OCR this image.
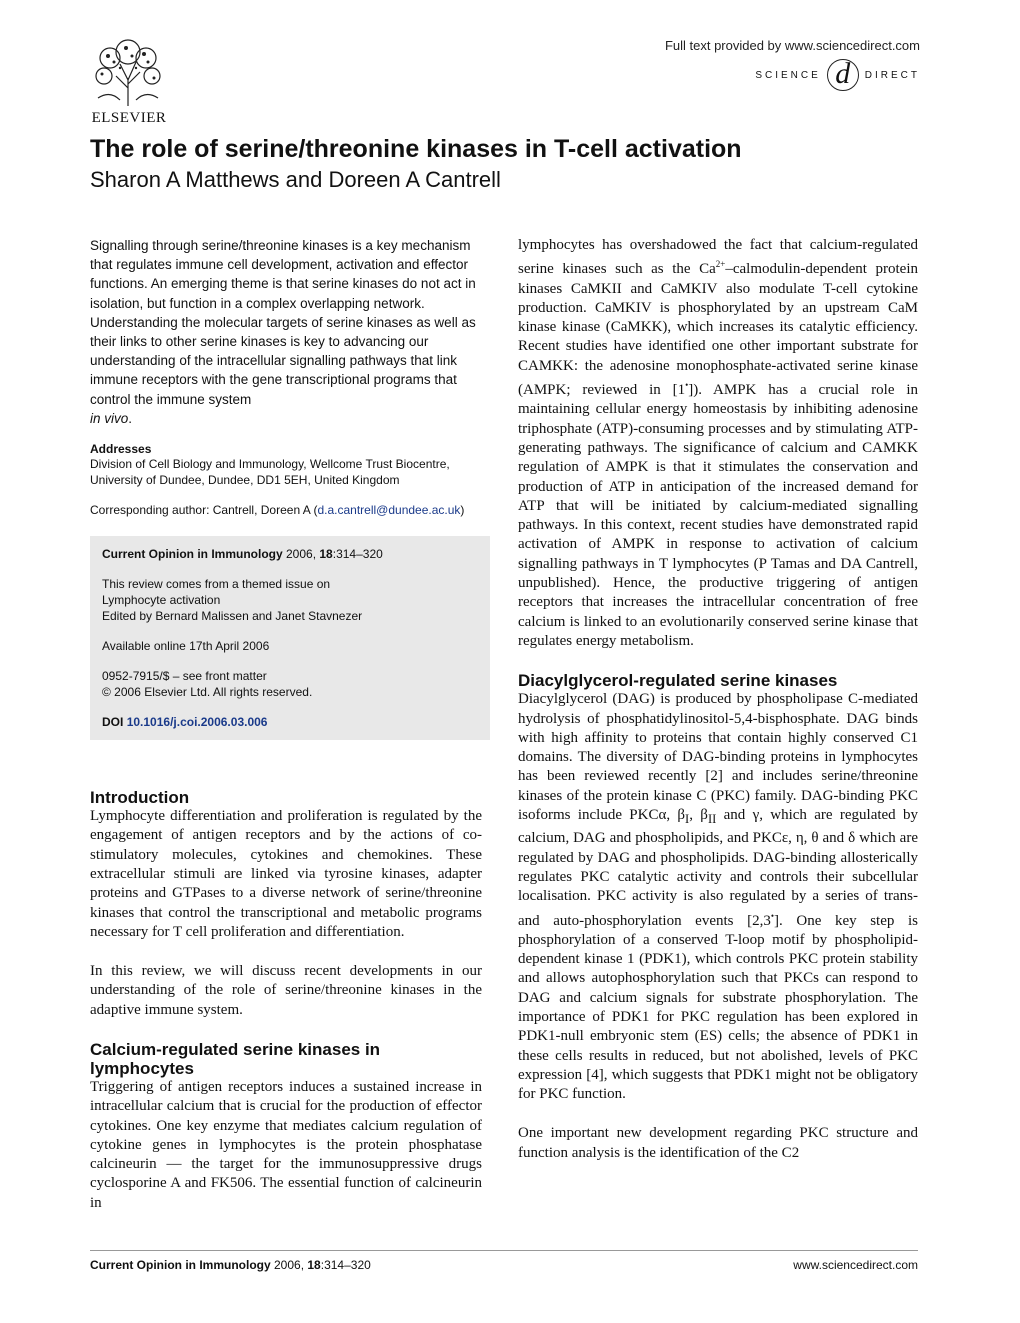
ELSEVIER
Full text provided by www.sciencedirect.com
SCIENCE d	DIRECT
The role of serine/threonine kinases in T-cell activation
Sharon A Matthews and Doreen A Cantrell
Signalling through serine/threonine kinases is a key mechanism that regulates immune cell development, activation and effector functions. An emerging theme is that serine kinases do not act in isolation, but function in a complex overlapping network. Understanding the molecular targets of serine kinases as well as their links to other serine kinases is key to advancing our understanding of the intracellular signalling pathways that link immune receptors with the gene transcriptional programs that control the immune system
in vivo.
Addresses
Division of Cell Biology and Immunology, Wellcome Trust Biocentre,
University of Dundee, Dundee, DD1 5EH, United Kingdom
Corresponding author: Cantrell, Doreen A (d.a.cantrell@dundee.ac.uk)

Current Opinion in Immunology 2006, 18:314–320

This review comes from a themed issue on
Lymphocyte activation
Edited by Bernard Malissen and Janet Stavnezer

Available online 17th April 2006

0952-7915/$ – see front matter
© 2006 Elsevier Ltd. All rights reserved.

DOI 10.1016/j.coi.2006.03.006

Introduction

Lymphocyte differentiation and proliferation is regulated by the engagement of antigen receptors and by the actions of co-stimulatory molecules, cytokines and chemokines. These extracellular stimuli are linked via tyrosine kinases, adapter proteins and GTPases to a diverse network of serine/threonine kinases that control the transcriptional and metabolic programs necessary for T cell proliferation and differentiation.

In this review, we will discuss recent developments in our understanding of the role of serine/threonine kinases in the adaptive immune system.

Calcium-regulated serine kinases in lymphocytes

Triggering of antigen receptors induces a sustained increase in intracellular calcium that is crucial for the production of effector cytokines. One key enzyme that mediates calcium regulation of cytokine genes in lymphocytes is the protein phosphatase calcineurin — the target for the immunosuppressive drugs cyclosporine A and FK506. The essential function of calcineurin in

lymphocytes has overshadowed the fact that calcium-regulated serine kinases such as the $Ca^{2+}-calmodulin$-dependent protein kinases CaMKII and CaMKIV also modulate T-cell cytokine production. CaMKIV is phosphorylated by an upstream CaM kinase kinase (CaMKK), which increases its catalytic efficiency. Recent studies have identified one other important substrate for CAMKK: the adenosine monophosphate-activated serine kinase (AMPK; reviewed in [1•]). AMPK has a crucial role in maintaining cellular energy homeostasis by inhibiting adenosine triphosphate (ATP)-consuming processes and by stimulating ATP-generating pathways. The significance of calcium and CAMKK regulation of AMPK is that it stimulates the conservation and production of ATP in anticipation of the increased demand for ATP that will be initiated by calcium-mediated signalling pathways. In this context, recent studies have demonstrated rapid activation of AMPK in response to activation of calcium signalling pathways in T lymphocytes (P Tamas and DA Cantrell, unpublished). Hence, the productive triggering of antigen receptors that increases the intracellular concentration of free calcium is linked to an evolutionarily conserved serine kinase that regulates energy metabolism.

Diacylglycerol-regulated serine kinases

Diacylglycerol (DAG) is produced by phospholipase C-mediated hydrolysis of phosphatidylinositol-5,4-bisphosphate. DAG binds with high affinity to proteins that contain highly conserved C1 domains. The diversity of DAG-binding proteins in lymphocytes has been reviewed recently [2] and includes serine/threonine kinases of the protein kinase C (PKC) family. DAG-binding PKC isoforms include PKCα, $\beta_I$, $\beta_{II}$ and γ, which are regulated by calcium, DAG and phospholipids, and PKCε, η, θ and δ which are regulated by DAG and phospholipids. DAG-binding allosterically regulates PKC catalytic activity and controls their subcellular localisation. PKC activity is also regulated by a series of trans- and auto-phosphorylation events [2,3•]. One key step is phosphorylation of a conserved T-loop motif by phospholipid-dependent kinase 1 (PDK1), which controls PKC protein stability and allows autophosphorylation such that PKCs can respond to DAG and calcium signals for substrate phosphorylation. The importance of PDK1 for PKC regulation has been explored in PDK1-null embryonic stem (ES) cells; the absence of PDK1 in these cells results in reduced, but not abolished, levels of PKC expression [4], which suggests that PDK1 might not be obligatory for PKC function.

One important new development regarding PKC structure and function analysis is the identification of the C2

Current Opinion in Immunology 2006, 18:314–320	www.sciencedirect.com
